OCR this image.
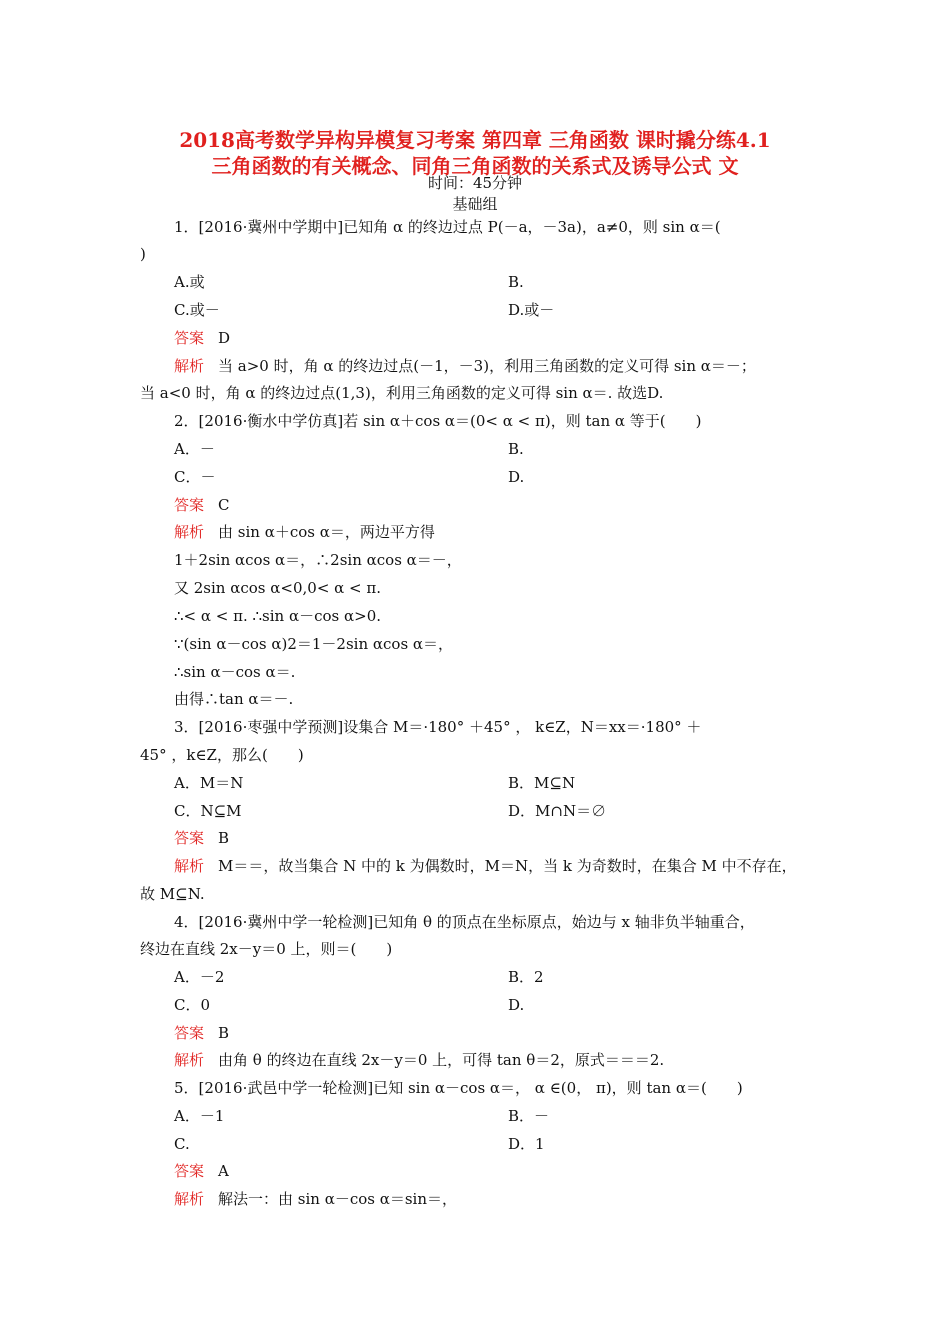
2018高考数学异构异模复习考案 第四章 三角函数 课时撬分练4.1
三角函数的有关概念、同角三角函数的关系式及诱导公式 文
时间：45分钟
基础组
1．[2016·冀州中学期中]已知角 α 的终边过点 P(－a，－3a)，a≠0，则 sin α＝(
)
A.或	B.
C.或－	D.或－
答案 D
解析 当 a>0 时，角 α 的终边过点(－1，－3)，利用三角函数的定义可得 sin α＝－；
当 a<0 时，角 α 的终边过点(1,3)，利用三角函数的定义可得 sin α＝. 故选D.
2．[2016·衡水中学仿真]若 sin α＋cos α＝(0< α < π)，则 tan α 等于(　　)
A．－	B.
C．－	D.
答案 C
解析 由 sin α＋cos α＝，两边平方得
1＋2sin αcos α＝，∴2sin αcos α＝－，
又 2sin αcos α<0,0< α < π.
∴< α < π. ∴sin α－cos α>0.
∵(sin α－cos α)2＝1－2sin αcos α＝，
∴sin α－cos α＝.
由得∴tan α＝－.
3．[2016·枣强中学预测]设集合 M＝·180° ＋45° ， k∈Z，N＝xx＝·180° ＋
45° ，k∈Z，那么(　　)
A．M＝N	B．M⊆N
C．N⊆M	D．M∩N＝∅
答案 B
解析 M＝＝，故当集合 N 中的 k 为偶数时，M＝N，当 k 为奇数时，在集合 M 中不存在，
故 M⊆N.
4．[2016·冀州中学一轮检测]已知角 θ 的顶点在坐标原点，始边与 x 轴非负半轴重合，
终边在直线 2x－y＝0 上，则＝(　　)
A．－2	B．2
C．0	D.
答案 B
解析 由角 θ 的终边在直线 2x－y＝0 上，可得 tan θ＝2，原式＝＝＝2.
5．[2016·武邑中学一轮检测]已知 sin α－cos α＝， α ∈(0， π)，则 tan α＝(　　)
A．－1	B．－
C.	D．1
答案 A
解析 解法一：由 sin α－cos α＝sin＝，
